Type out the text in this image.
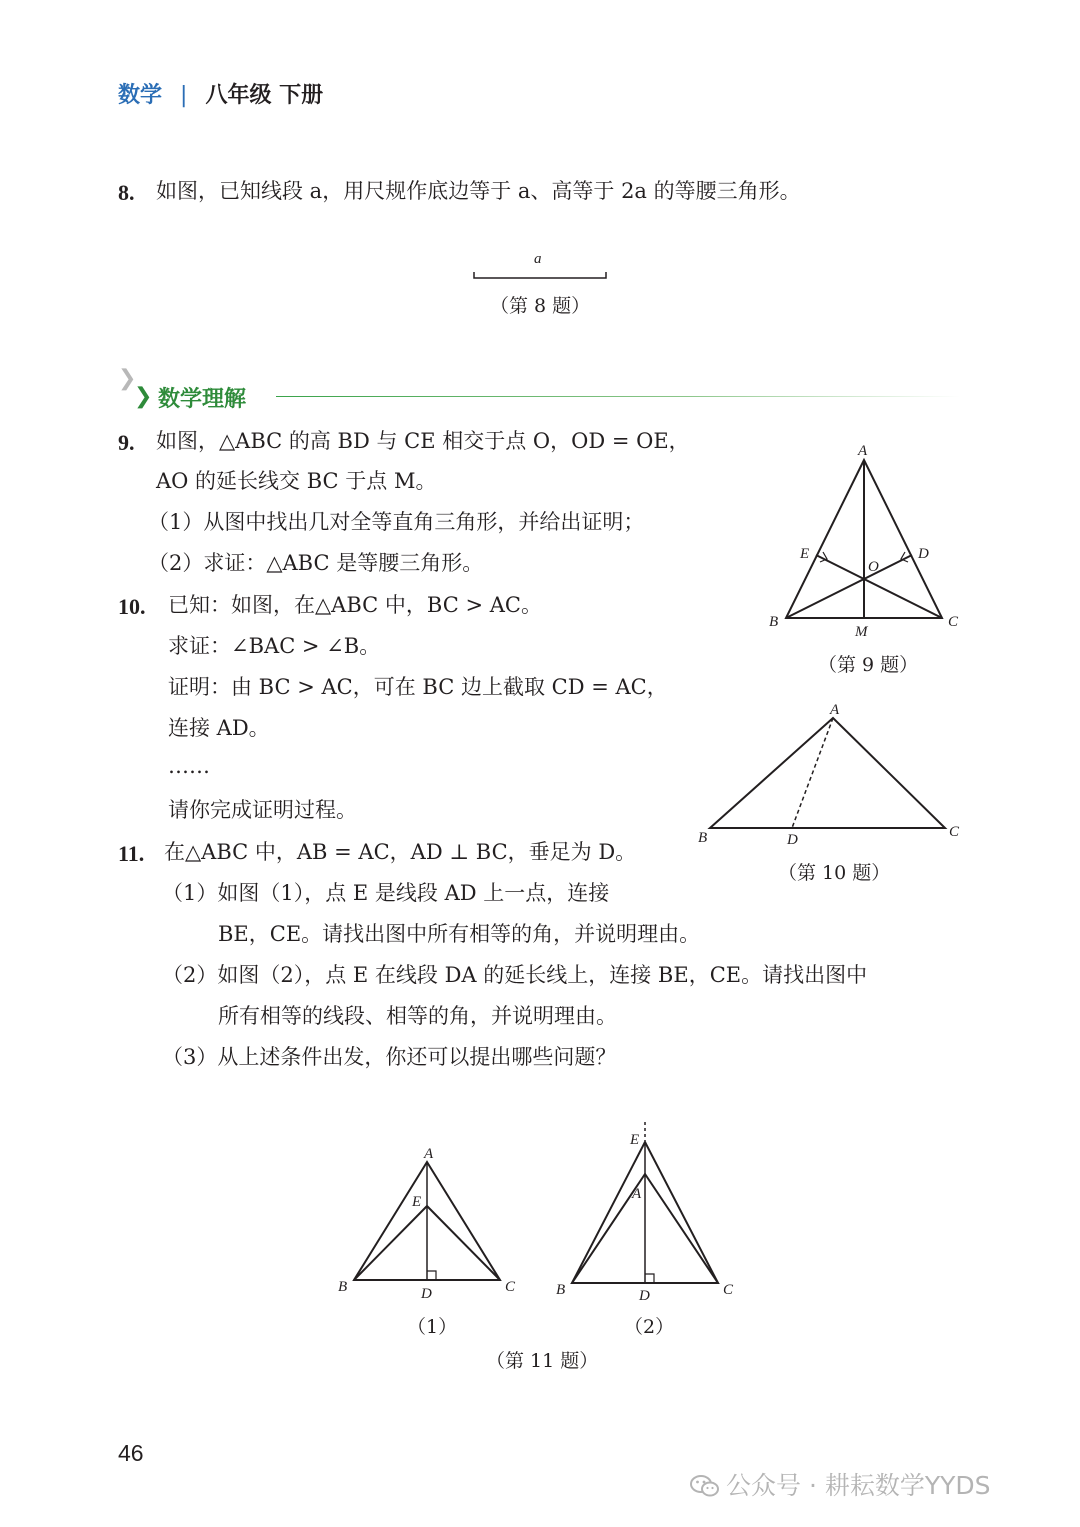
数学 | 八年级 下册
8. 如图，已知线段 a，用尺规作底边等于 a、高等于 2a 的等腰三角形。
a
（第 8 题）
❯
❯ 数学理解
9. 如图，△ABC 的高 BD 与 CE 相交于点 O，OD = OE，
AO 的延长线交 BC 于点 M。
（1）从图中找出几对全等直角三角形，并给出证明；
（2）求证：△ABC 是等腰三角形。
A
B	C
D
E
O
M
（第 9 题）
10. 已知：如图，在△ABC 中，BC > AC。
求证：∠BAC > ∠B。
证明：由 BC > AC，可在 BC 边上截取 CD = AC，
连接 AD。
……
请你完成证明过程。
A
B	C
D
（第 10 题）
11. 在△ABC 中，AB = AC，AD ⊥ BC，垂足为 D。
（1）如图（1），点 E 是线段 AD 上一点，连接
BE，CE。请找出图中所有相等的角，并说明理由。
（2）如图（2），点 E 在线段 DA 的延长线上，连接 BE，CE。请找出图中
所有相等的线段、相等的角，并说明理由。
（3）从上述条件出发，你还可以提出哪些问题？
A
B	C
D
E
（1）
E
A
B	C
D
（2）
（第 11 题）
46
公众号 · 耕耘数学YYDS
